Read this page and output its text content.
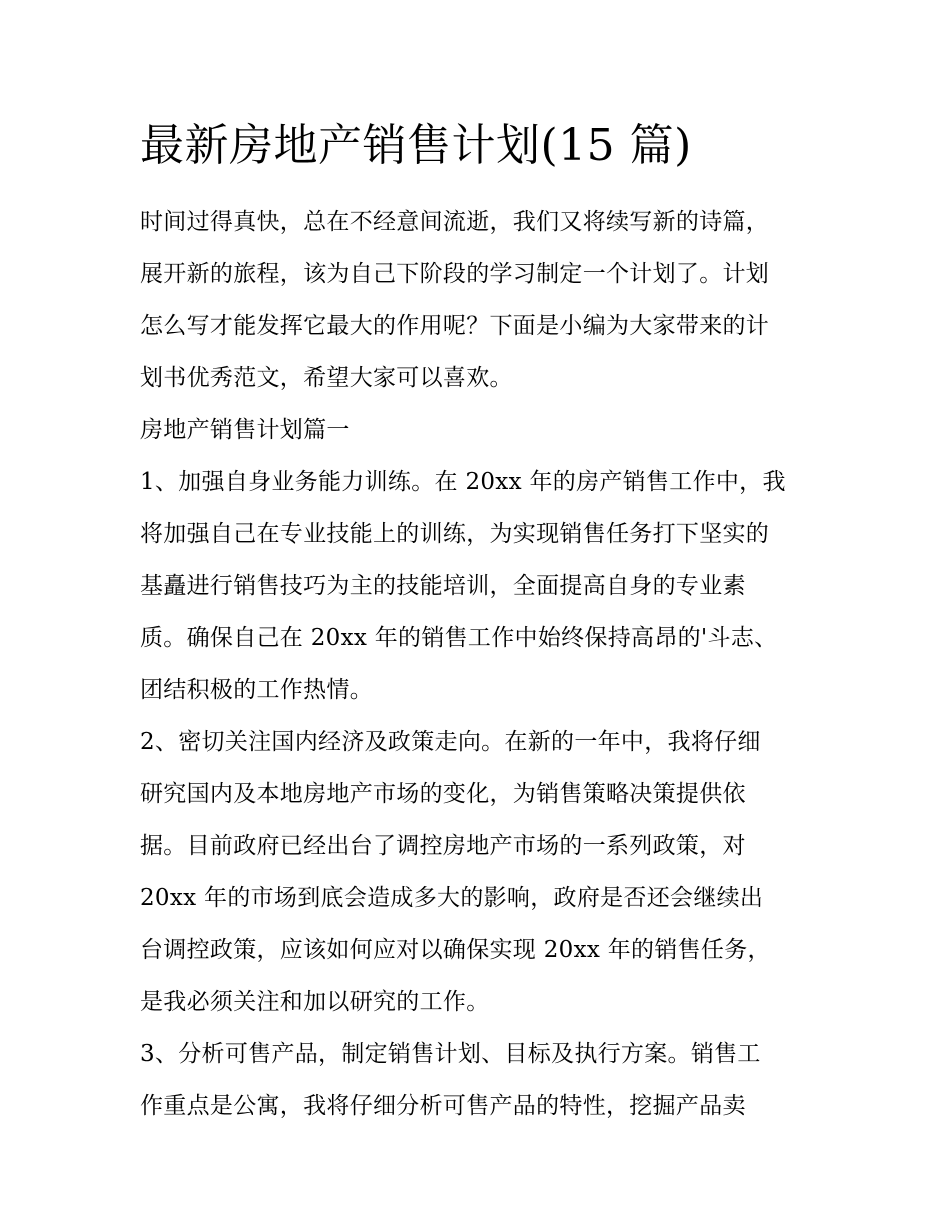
最新房地产销售计划(15 篇)
时间过得真快，总在不经意间流逝，我们又将续写新的诗篇，
展开新的旅程，该为自己下阶段的学习制定一个计划了。计划
怎么写才能发挥它最大的作用呢？下面是小编为大家带来的计
划书优秀范文，希望大家可以喜欢。
房地产销售计划篇一
1、加强自身业务能力训练。在 20xx 年的房产销售工作中，我
将加强自己在专业技能上的训练，为实现销售任务打下坚实的
基矗进行销售技巧为主的技能培训，全面提高自身的专业素
质。确保自己在 20xx 年的销售工作中始终保持高昂的'斗志、
团结积极的工作热情。
2、密切关注国内经济及政策走向。在新的一年中，我将仔细
研究国内及本地房地产市场的变化，为销售策略决策提供依
据。目前政府已经出台了调控房地产市场的一系列政策，对
20xx 年的市场到底会造成多大的影响，政府是否还会继续出
台调控政策，应该如何应对以确保实现 20xx 年的销售任务，
是我必须关注和加以研究的工作。
3、分析可售产品，制定销售计划、目标及执行方案。销售工
作重点是公寓，我将仔细分析可售产品的特性，挖掘产品卖
